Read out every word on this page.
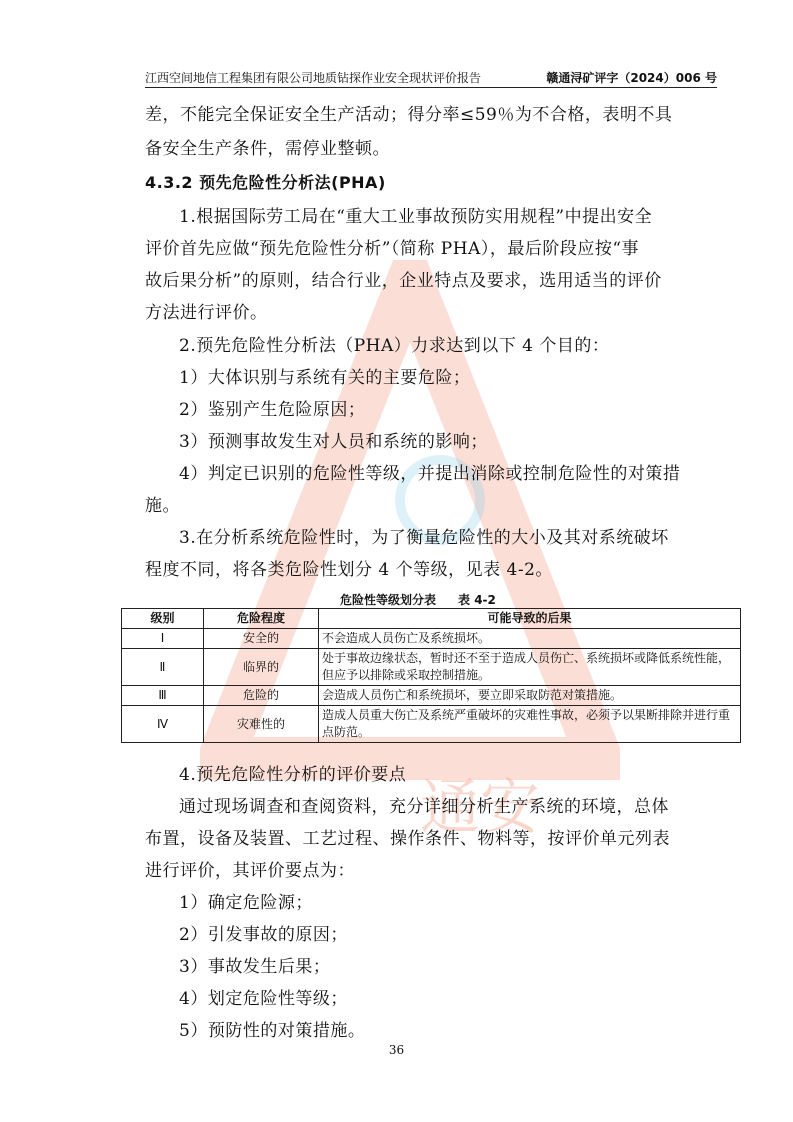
通安
江西空间地信工程集团有限公司地质钻探作业安全现状评价报告	赣通浔矿评字（2024）006 号
差，不能完全保证安全生产活动；得分率≤59％为不合格，表明不具
备安全生产条件，需停业整顿。
4.3.2 预先危险性分析法(PHA)
1.根据国际劳工局在“重大工业事故预防实用规程”中提出安全
评价首先应做“预先危险性分析”（简称 PHA），最后阶段应按“事
故后果分析”的原则，结合行业，企业特点及要求，选用适当的评价
方法进行评价。
2.预先危险性分析法（PHA）力求达到以下 4 个目的：
1）大体识别与系统有关的主要危险；
2）鉴别产生危险原因；
3）预测事故发生对人员和系统的影响；
4）判定已识别的危险性等级，并提出消除或控制危险性的对策措
施。
3.在分析系统危险性时，为了衡量危险性的大小及其对系统破坏
程度不同，将各类危险性划分 4 个等级，见表 4-2。
危险性等级划分表 表 4-2
级别	危险程度	可能导致的后果
Ⅰ	安全的	不会造成人员伤亡及系统损坏。
Ⅱ	临界的	处于事故边缘状态，暂时还不至于造成人员伤亡、系统损坏或降低系统性能，但应予以排除或采取控制措施。
Ⅲ	危险的	会造成人员伤亡和系统损坏，要立即采取防范对策措施。
Ⅳ	灾难性的	造成人员重大伤亡及系统严重破坏的灾难性事故，必须予以果断排除并进行重点防范。
4.预先危险性分析的评价要点
通过现场调查和查阅资料，充分详细分析生产系统的环境，总体
布置，设备及装置、工艺过程、操作条件、物料等，按评价单元列表
进行评价，其评价要点为：
1）确定危险源；
2）引发事故的原因；
3）事故发生后果；
4）划定危险性等级；
5）预防性的对策措施。
36
